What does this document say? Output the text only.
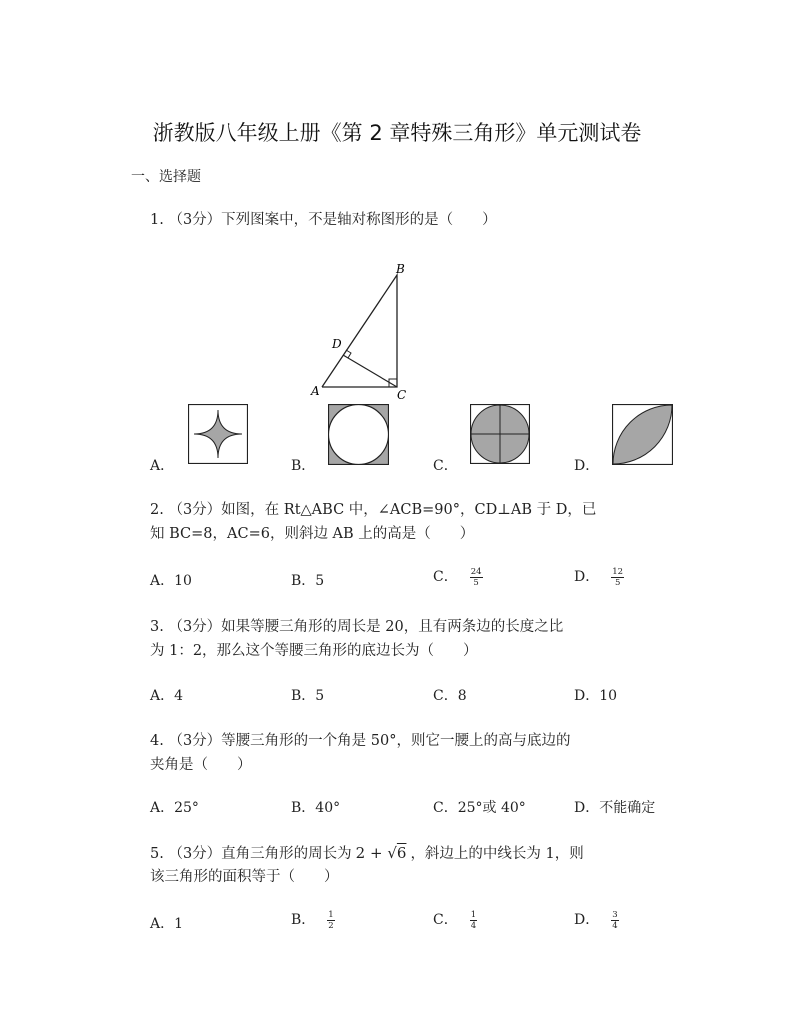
浙教版八年级上册《第 2 章特殊三角形》单元测试卷
一、选择题
1. （3分）下列图案中，不是轴对称图形的是（　　）
A
B
C
D
A．	B．	C．	D．
2. （3分）如图，在 Rt△ABC 中，∠ACB=90°，CD⊥AB 于 D，已
知 BC=8，AC=6，则斜边 AB 上的高是（　　）
A．10	B．5	C． $\frac{24}{5}$	D． $\frac{12}{5}$
3. （3分）如果等腰三角形的周长是 20，且有两条边的长度之比
为 1：2，那么这个等腰三角形的底边长为（　　）
A．4	B．5	C．8	D．10
4. （3分）等腰三角形的一个角是 50°，则它一腰上的高与底边的
夹角是（　　）
A．25°	B．40°	C．25°或 40°	D．不能确定
5. （3分）直角三角形的周长为 2 + √6 ，斜边上的中线长为 1，则
该三角形的面积等于（　　）
A．1	B． $\frac{1}{2}$	C． $\frac{1}{4}$	D． $\frac{3}{4}$
